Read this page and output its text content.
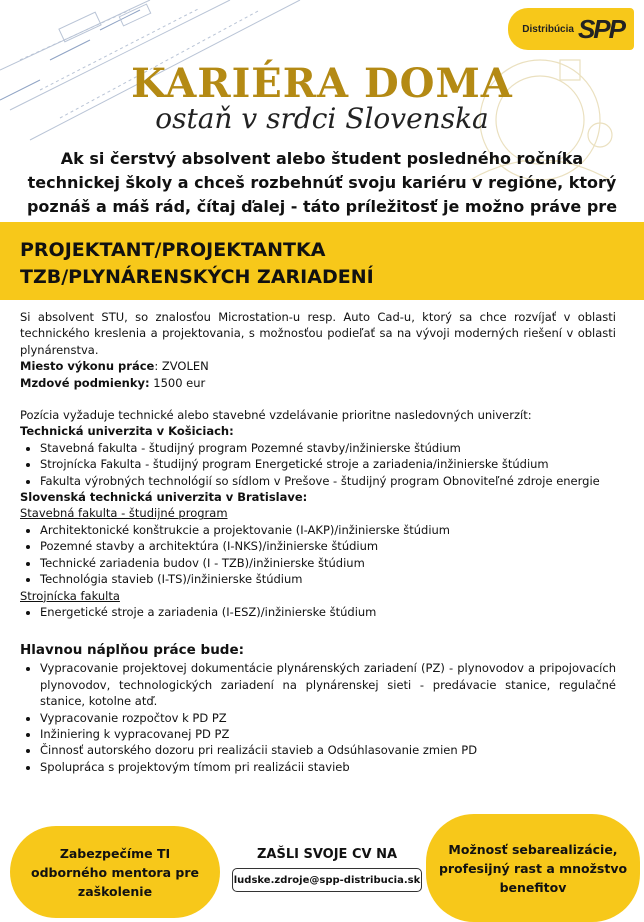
Distribúcia SPP
KARIÉRA DOMA
ostaň v srdci Slovenska
Ak si čerstvý absolvent alebo študent posledného ročníka technickej školy a chceš rozbehnúť svoju kariéru v regióne, ktorý poznáš a máš rád, čítaj ďalej - táto príležitosť je možno práve pre
PROJEKTANT/PROJEKTANTKA
TZB/PLYNÁRENSKÝCH ZARIADENÍ

Si absolvent STU, so znalosťou Microstation-u resp. Auto Cad-u, ktorý sa chce rozvíjať v oblasti technického kreslenia a projektovania, s možnosťou podieľať sa na vývoji moderných riešení v oblasti plynárenstva.

Miesto výkonu práce: ZVOLEN

Mzdové podmienky: 1500 eur

Pozícia vyžaduje technické alebo stavebné vzdelávanie prioritne nasledovných univerzít:

Technická univerzita v Košiciach:

• Stavebná fakulta - študijný program Pozemné stavby/inžinierske štúdium
• Strojnícka Fakulta - študijný program Energetické stroje a zariadenia/inžinierske štúdium
• Fakulta výrobných technológií so sídlom v Prešove - študijný program Obnoviteľné zdroje energie

Slovenská technická univerzita v Bratislave:

Stavebná fakulta - študijné program

• Architektonické konštrukcie a projektovanie (I-AKP)/inžinierske štúdium
• Pozemné stavby a architektúra (I-NKS)/inžinierske štúdium
• Technické zariadenia budov (I - TZB)/inžinierske štúdium
• Technológia stavieb (I-TS)/inžinierske štúdium

Strojnícka fakulta

• Energetické stroje a zariadenia (I-ESZ)/inžinierske štúdium

Hlavnou náplňou práce bude:

• Vypracovanie projektovej dokumentácie plynárenských zariadení (PZ) - plynovodov a pripojovacích plynovodov, technologických zariadení na plynárenskej sieti - predávacie stanice, regulačné stanice, kotolne atď.
• Vypracovanie rozpočtov k PD PZ
• Inžiniering k vypracovanej PD PZ
• Činnosť autorského dozoru pri realizácii stavieb a Odsúhlasovanie zmien PD
• Spolupráca s projektovým tímom pri realizácii stavieb
Zabezpečíme TI odborného mentora pre zaškolenie
ZAŠLI SVOJE CV NA
ludske.zdroje@spp-distribucia.sk
Možnosť sebarealizácie, profesijný rast a množstvo benefitov
